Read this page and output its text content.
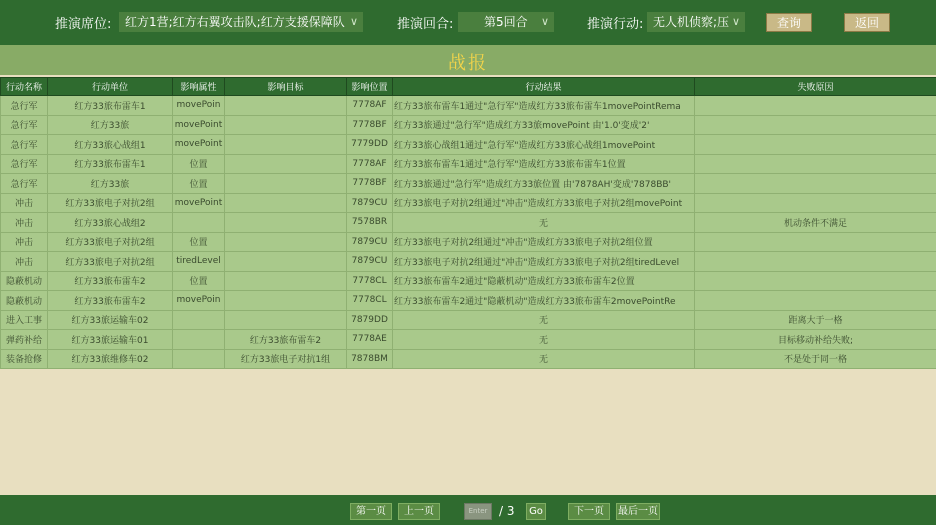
推演席位:	红方1营;红方右翼攻击队;红方支援保障队 ∨	推演回合:	第5回合 ∨	推演行动: 无人机侦察;压 ∨	查询	返回
战报
行动名称	行动单位	影响属性	影响目标	影响位置	行动结果	失败原因
急行军	红方33旅布雷车1	movePoin		7778AF	红方33旅布雷车1通过"急行军"造成红方33旅布雷车1movePointRema	
急行军	红方33旅	movePoint		7778BF	红方33旅通过"急行军"造成红方33旅movePoint 由'1.0'变成'2'	
急行军	红方33旅心战组1	movePoint		7779DD	红方33旅心战组1通过"急行军"造成红方33旅心战组1movePoint	
急行军	红方33旅布雷车1	位置		7778AF	红方33旅布雷车1通过"急行军"造成红方33旅布雷车1位置	
急行军	红方33旅	位置		7778BF	红方33旅通过"急行军"造成红方33旅位置 由'7878AH'变成'7878BB'	
冲击	红方33旅电子对抗2组	movePoint		7879CU	红方33旅电子对抗2组通过"冲击"造成红方33旅电子对抗2组movePoint	
冲击	红方33旅心战组2			7578BR	无	机动条件不满足
冲击	红方33旅电子对抗2组	位置		7879CU	红方33旅电子对抗2组通过"冲击"造成红方33旅电子对抗2组位置	
冲击	红方33旅电子对抗2组	tiredLevel		7879CU	红方33旅电子对抗2组通过"冲击"造成红方33旅电子对抗2组tiredLevel	
隐蔽机动	红方33旅布雷车2	位置		7778CL	红方33旅布雷车2通过"隐蔽机动"造成红方33旅布雷车2位置	
隐蔽机动	红方33旅布雷车2	movePoin		7778CL	红方33旅布雷车2通过"隐蔽机动"造成红方33旅布雷车2movePointRe	
进入工事	红方33旅运输车02			7879DD	无	距离大于一格
弹药补给	红方33旅运输车01		红方33旅布雷车2	7778AE	无	目标移动补给失败;
装备抢修	红方33旅维修车02		红方33旅电子对抗1组	7878BM	无	不是处于同一格
第一页	上一页	Enter / 3	Go	下一页	最后一页
